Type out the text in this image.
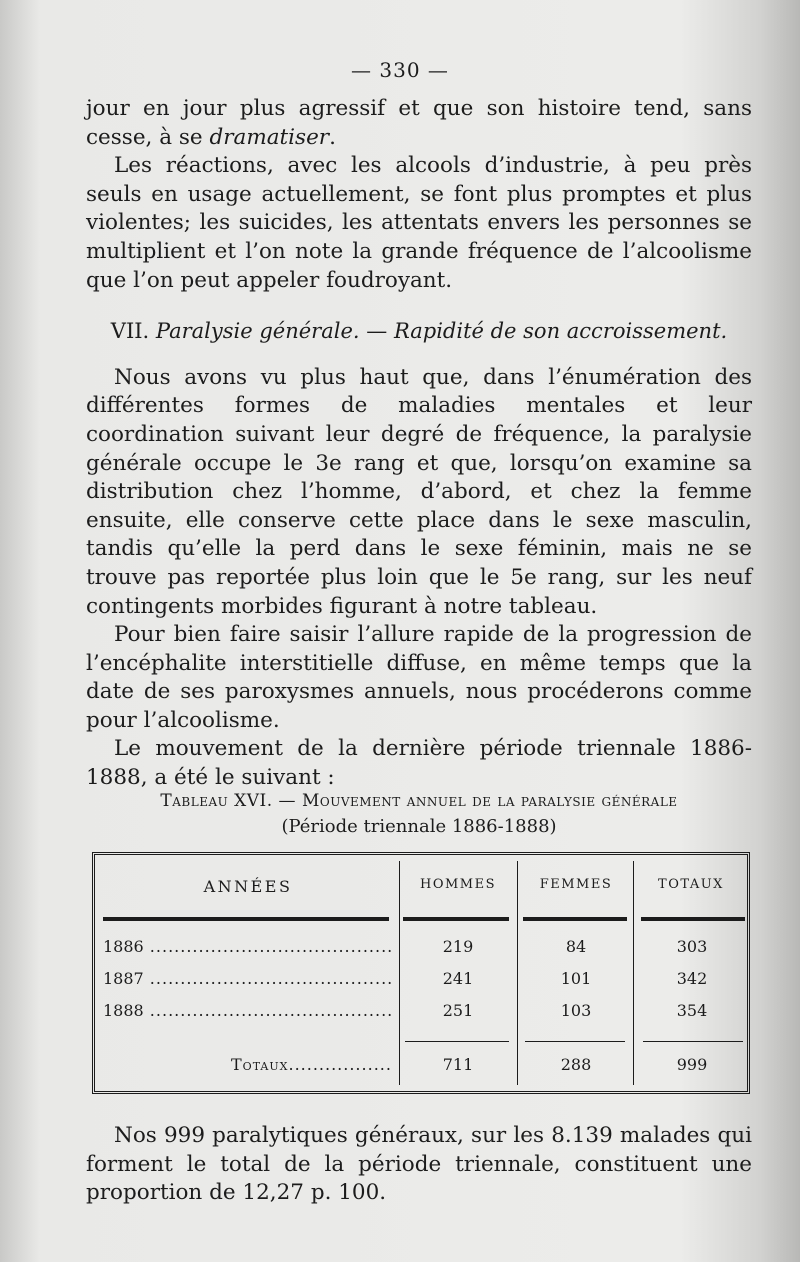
— 330 —

jour en jour plus agressif et que son histoire tend, sans cesse, à se dramatiser.

Les réactions, avec les alcools d’industrie, à peu près seuls en usage actuellement, se font plus promptes et plus violentes; les suicides, les attentats envers les personnes se multiplient et l’on note la grande fréquence de l’alcoolisme que l’on peut appeler foudroyant.

VII. Paralysie générale. — Rapidité de son accroissement.

Nous avons vu plus haut que, dans l’énumération des différentes formes de maladies mentales et leur coordination suivant leur degré de fréquence, la paralysie générale occupe le 3e rang et que, lorsqu’on examine sa distribution chez l’homme, d’abord, et chez la femme ensuite, elle conserve cette place dans le sexe masculin, tandis qu’elle la perd dans le sexe féminin, mais ne se trouve pas reportée plus loin que le 5e rang, sur les neuf contingents morbides figurant à notre tableau.

Pour bien faire saisir l’allure rapide de la progression de l’encéphalite interstitielle diffuse, en même temps que la date de ses paroxysmes annuels, nous procéderons comme pour l’alcoolisme.

Le mouvement de la dernière période triennale 1886-1888, a été le suivant :

Tableau XVI. — Mouvement annuel de la paralysie générale
(Période triennale 1886-1888)
ANNÉES	HOMMES	FEMMES	TOTAUX
1886 .....	219	84	303
1887 .....	241	101	342
1888 .....	251	103	354
Totaux .....	711	288	999

Nos 999 paralytiques généraux, sur les 8.139 malades qui forment le total de la période triennale, constituent une proportion de 12,27 p. 100.
